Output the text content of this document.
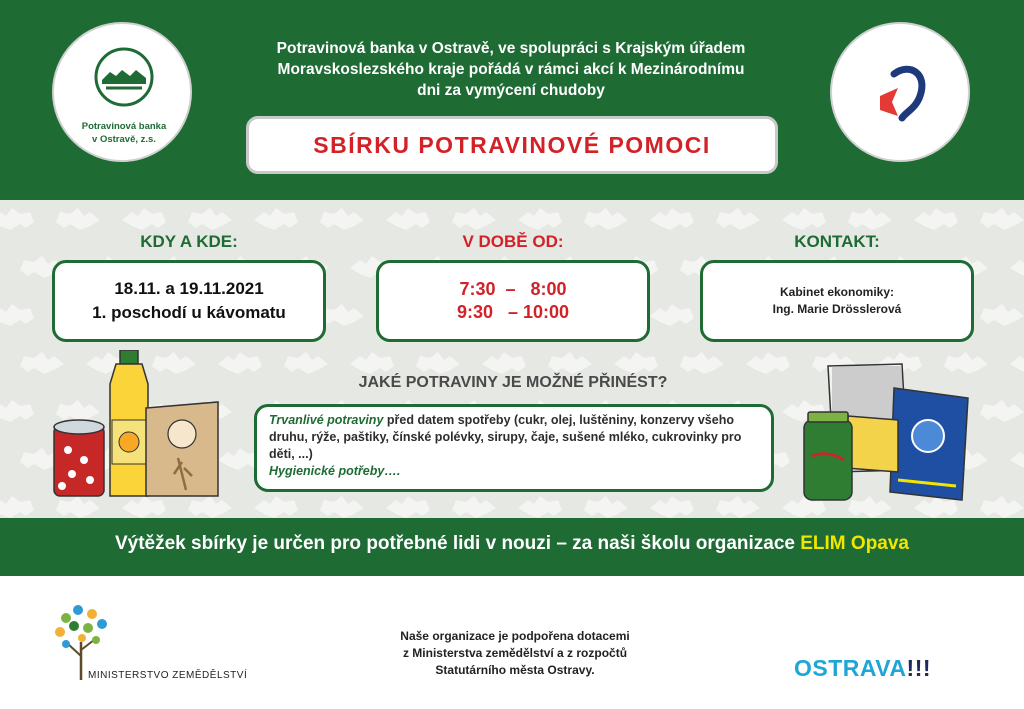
Potravinová banka
v Ostravě, z.s.
Potravinová banka v Ostravě, ve spolupráci s Krajským úřadem
Moravskoslezského kraje pořádá v rámci akcí k Mezinárodnímu
dni za vymýcení chudoby
SBÍRKU POTRAVINOVÉ POMOCI
KDY A KDE:	V DOBĚ OD:	KONTAKT:
18.11. a 19.11.2021
1. poschodí u kávomatu
7:30  –   8:00
9:30   – 10:00
Kabinet ekonomiky:
Ing. Marie Drösslerová
JAKÉ POTRAVINY JE MOŽNÉ PŘINÉST?
Trvanlivé potraviny před datem spotřeby (cukr, olej, luštěniny, konzervy všeho druhu, rýže, paštiky, čínské polévky, sirupy, čaje, sušené mléko, cukrovinky pro děti, ...)
Hygienické potřeby….
Výtěžek sbírky je určen pro potřebné lidi v nouzi – za naši školu organizace ELIM Opava
MINISTERSTVO ZEMĚDĚLSTVÍ
Naše organizace je podpořena dotacemi
z Ministerstva zemědělství a z rozpočtů
Statutárního města Ostravy.	OSTRAVA!!!
